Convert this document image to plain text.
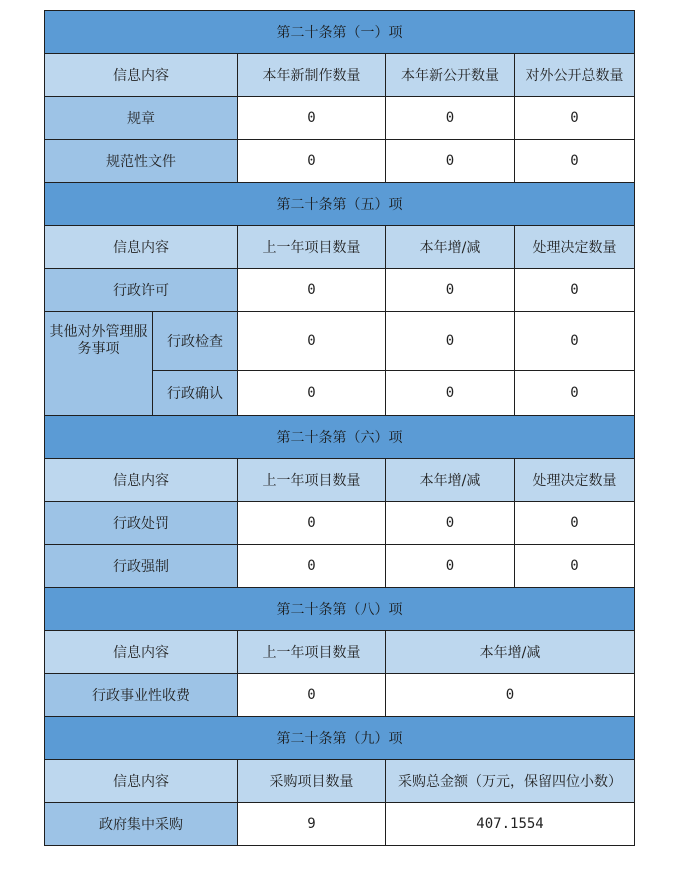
第二十条第（一）项				
信息内容		本年新制作数量	本年新公开数量	对外公开总数量
规章		0	0	0
规范性文件		0	0	0
第二十条第（五）项				
信息内容		上一年项目数量	本年增/减	处理决定数量
行政许可		0	0	0
其他对外管理服务事项	行政检查	0	0	0
	行政确认	0	0	0
第二十条第（六）项				
信息内容		上一年项目数量	本年增/减	处理决定数量
行政处罚		0	0	0
行政强制		0	0	0
第二十条第（八）项				
信息内容		上一年项目数量	本年增/减	
行政事业性收费		0	0	
第二十条第（九）项				
信息内容		采购项目数量	采购总金额（万元，保留四位小数）	
政府集中采购		9	407.1554	
